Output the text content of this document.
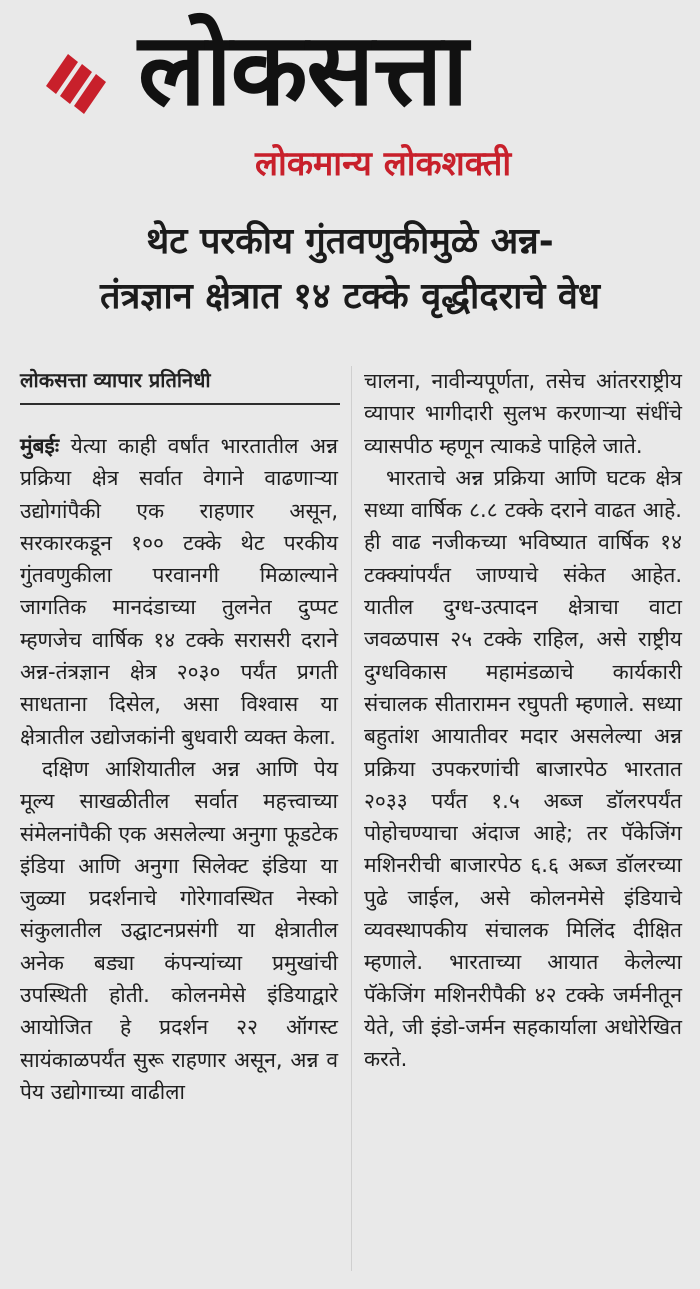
लोकसत्ता
लोकमान्य लोकशक्ती
थेट परकीय गुंतवणुकीमुळे अन्न-
तंत्रज्ञान क्षेत्रात १४ टक्के वृद्धीदराचे वेध
लोकसत्ता व्यापार प्रतिनिधी

मुंबईः येत्या काही वर्षांत भारतातील अन्न प्रक्रिया क्षेत्र सर्वात वेगाने वाढणाऱ्या उद्योगांपैकी एक राहणार असून, सरकारकडून १०० टक्के थेट परकीय गुंतवणुकीला परवानगी मिळाल्याने जागतिक मानदंडाच्या तुलनेत दुप्पट म्हणजेच वार्षिक १४ टक्के सरासरी दराने अन्न-तंत्रज्ञान क्षेत्र २०३० पर्यंत प्रगती साधताना दिसेल, असा विश्वास या क्षेत्रातील उद्योजकांनी बुधवारी व्यक्त केला.

दक्षिण आशियातील अन्न आणि पेय मूल्य साखळीतील सर्वात महत्त्वाच्या संमेलनांपैकी एक असलेल्या अनुगा फूडटेक इंडिया आणि अनुगा सिलेक्ट इंडिया या जुळ्या प्रदर्शनाचे गोरेगावस्थित नेस्को संकुलातील उद्घाटनप्रसंगी या क्षेत्रातील अनेक बड्या कंपन्यांच्या प्रमुखांची उपस्थिती होती. कोलनमेसे इंडियाद्वारे आयोजित हे प्रदर्शन २२ ऑगस्ट सायंकाळपर्यंत सुरू राहणार असून, अन्न व पेय उद्योगाच्या वाढीला

चालना, नावीन्यपूर्णता, तसेच आंतरराष्ट्रीय व्यापार भागीदारी सुलभ करणाऱ्या संधींचे व्यासपीठ म्हणून त्याकडे पाहिले जाते.

भारताचे अन्न प्रक्रिया आणि घटक क्षेत्र सध्या वार्षिक ८.८ टक्के दराने वाढत आहे. ही वाढ नजीकच्या भविष्यात वार्षिक १४ टक्क्यांपर्यंत जाण्याचे संकेत आहेत. यातील दुग्ध-उत्पादन क्षेत्राचा वाटा जवळपास २५ टक्के राहिल, असे राष्ट्रीय दुग्धविकास महामंडळाचे कार्यकारी संचालक सीतारामन रघुपती म्हणाले. सध्या बहुतांश आयातीवर मदार असलेल्या अन्न प्रक्रिया उपकरणांची बाजारपेठ भारतात २०३३ पर्यंत १.५ अब्ज डॉलरपर्यंत पोहोचण्याचा अंदाज आहे; तर पॅकेजिंग मशिनरीची बाजारपेठ ६.६ अब्ज डॉलरच्या पुढे जाईल, असे कोलनमेसे इंडियाचे व्यवस्थापकीय संचालक मिलिंद दीक्षित म्हणाले. भारताच्या आयात केलेल्या पॅकेजिंग मशिनरीपैकी ४२ टक्के जर्मनीतून येते, जी इंडो-जर्मन सहकार्याला अधोरेखित करते.
